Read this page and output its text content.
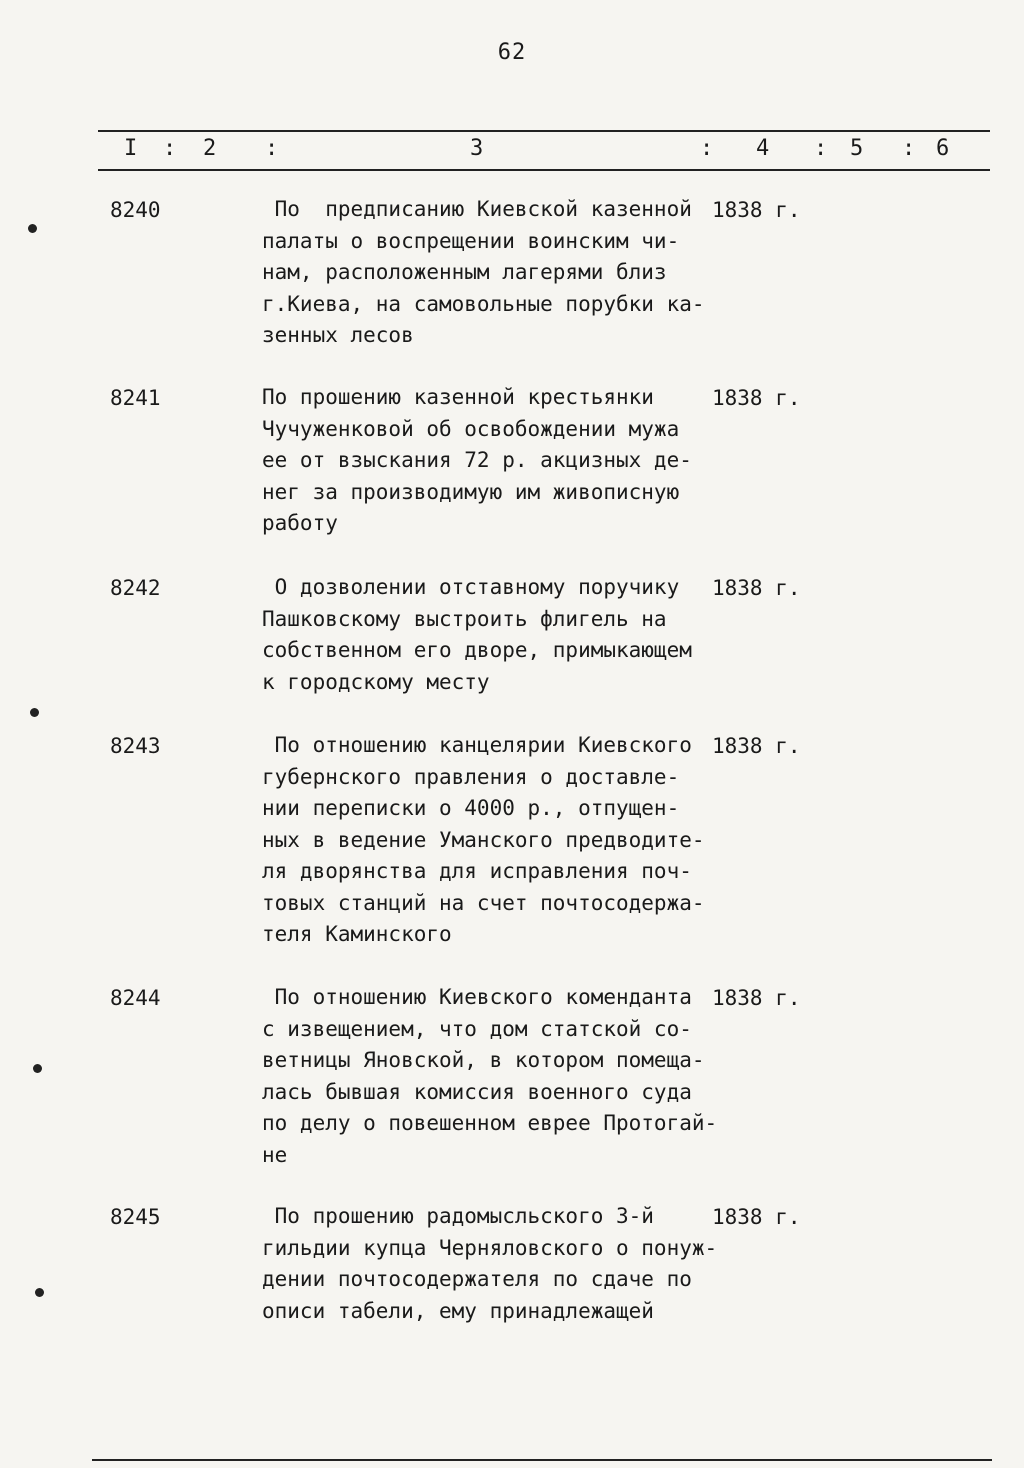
62
I : 2 :	3	: 4 : 5 : 6
8240	По  предписанию Киевской казенной
палаты о воспрещении воинским чи-
нам, расположенным лагерями близ
г.Киева, на самовольные порубки ка-
зенных лесов
1838 г.
8241	По прошению казенной крестьянки
Чучуженковой об освобождении мужа
ее от взыскания 72 р. акцизных де-
нег за производимую им живописную
работу
1838 г.
8242	О дозволении отставному поручику
Пашковскому выстроить флигель на
собственном его дворе, примыкающем
к городскому месту
1838 г.
8243	По отношению канцелярии Киевского
губернского правления о доставле-
нии переписки о 4000 р., отпущен-
ных в ведение Уманского предводите-
ля дворянства для исправления поч-
товых станций на счет почтосодержа-
теля Каминского
1838 г.
8244	По отношению Киевского коменданта
с извещением, что дом статской со-
ветницы Яновской, в котором помеща-
лась бывшая комиссия военного суда
по делу о повешенном еврее Протогай-
не
1838 г.
8245	По прошению радомысльского 3-й
гильдии купца Черняловского о понуж-
дении почтосодержателя по сдаче по
описи табели, ему принадлежащей
1838 г.
